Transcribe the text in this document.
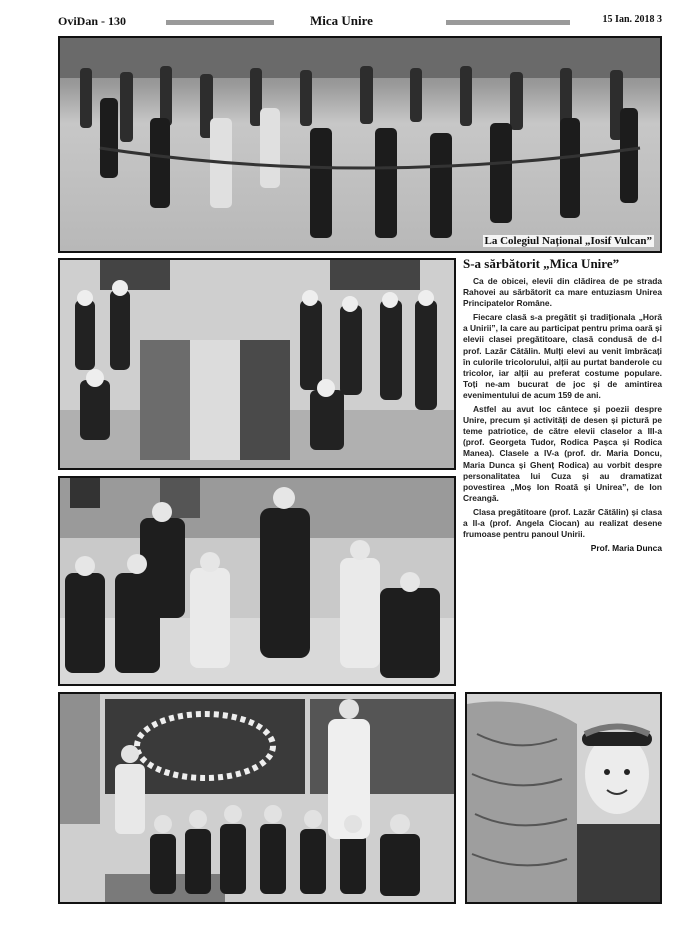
OviDan - 130	Mica Unire	15 Ian. 2018 3
La Colegiul Național „Iosif Vulcan”
S-a sărbătorit „Mica Unire”

Ca de obicei, elevii din clădirea de pe strada Rahovei au sărbătorit ca mare entuziasm Unirea Principatelor Române.

Fiecare clasă s-a pregătit și tradiționala „Horă a Unirii”, la care au participat pentru prima oară și elevii clasei pregătitoare, clasă condusă de d-l prof. Lazăr Cătălin. Mulți elevi au venit îmbrăcați în culorile tricolorului, alții au purtat banderole cu tricolor, iar alții au preferat costume populare. Toți ne-am bucurat de joc și de amintirea evenimentului de acum 159 de ani.

Astfel au avut loc cântece și poezii despre Unire, precum și activități de desen și pictură pe teme patriotice, de către elevii claselor a III-a (prof. Georgeta Tudor, Rodica Pașca și Rodica Manea). Clasele a IV-a (prof. dr. Maria Doncu, Maria Dunca și Ghenț Rodica) au vorbit despre personalitatea lui Cuza și au dramatizat povestirea „Moș Ion Roată și Unirea”, de Ion Creangă.

Clasa pregătitoare (prof. Lazăr Cătălin) și clasa a II-a (prof. Angela Ciocan) au realizat desene frumoase pentru panoul Unirii.

Prof. Maria Dunca
